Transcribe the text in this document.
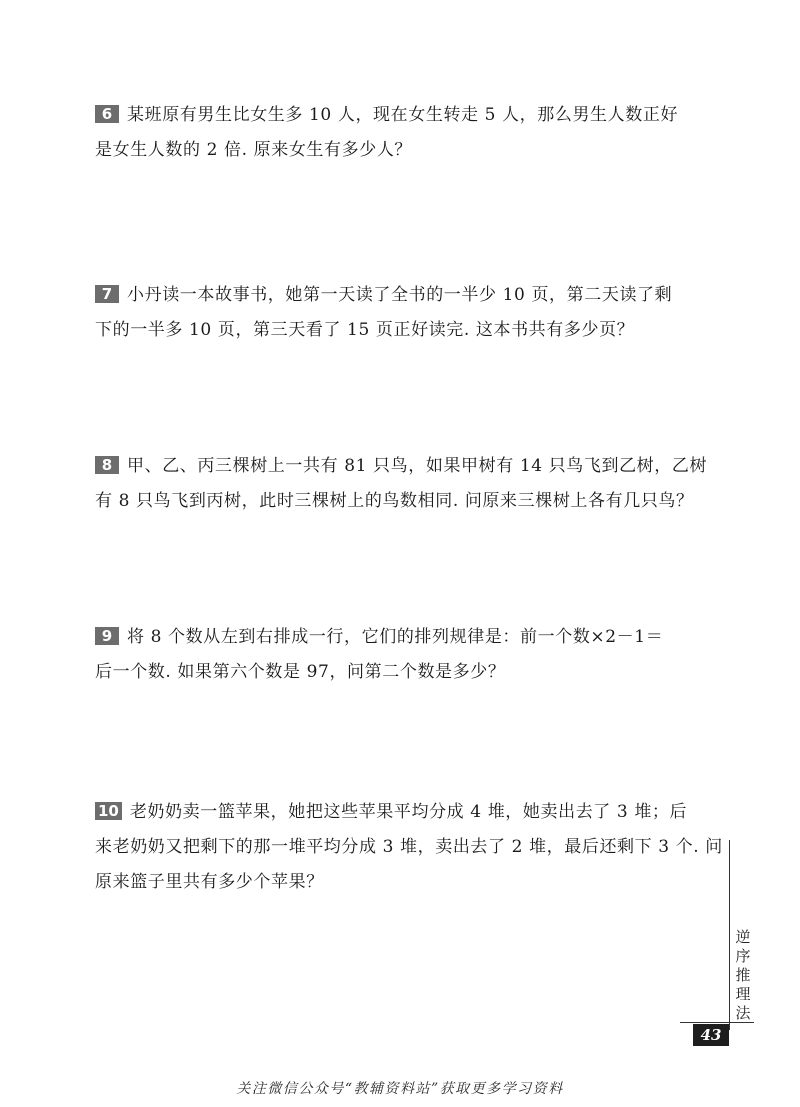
6 某班原有男生比女生多 10 人，现在女生转走 5 人，那么男生人数正好

是女生人数的 2 倍. 原来女生有多少人？

7 小丹读一本故事书，她第一天读了全书的一半少 10 页，第二天读了剩

下的一半多 10 页，第三天看了 15 页正好读完. 这本书共有多少页？

8 甲、乙、丙三棵树上一共有 81 只鸟，如果甲树有 14 只鸟飞到乙树，乙树

有 8 只鸟飞到丙树，此时三棵树上的鸟数相同. 问原来三棵树上各有几只鸟？

9 将 8 个数从左到右排成一行，它们的排列规律是：前一个数×2－1＝

后一个数. 如果第六个数是 97，问第二个数是多少？

10 老奶奶卖一篮苹果，她把这些苹果平均分成 4 堆，她卖出去了 3 堆；后

来老奶奶又把剩下的那一堆平均分成 3 堆，卖出去了 2 堆，最后还剩下 3 个. 问

原来篮子里共有多少个苹果？

逆序推理法
43
关注微信公众号“教辅资料站”获取更多学习资料
